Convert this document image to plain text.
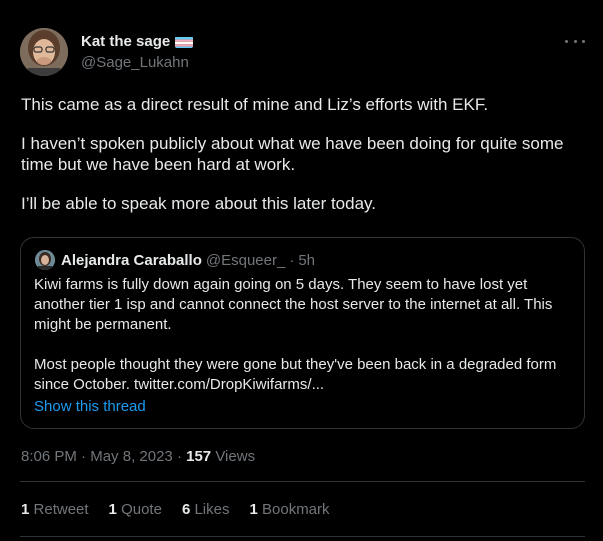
Kat the sage
@Sage_Lukahn

This came as a direct result of mine and Liz’s efforts with EKF.

I haven’t spoken publicly about what we have been doing for quite some time but we have been hard at work.

I’ll be able to speak more about this later today.

Alejandra Caraballo @Esqueer_ · 5h

Kiwi farms is fully down again going on 5 days. They seem to have lost yet another tier 1 isp and cannot connect the host server to the internet at all. This might be permanent.

Most people thought they were gone but they've been back in a degraded form since October. twitter.com/DropKiwifarms/...

Show this thread
8:06 PM · May 8, 2023 · 157 Views
1 Retweet 1 Quote 6 Likes 1 Bookmark
